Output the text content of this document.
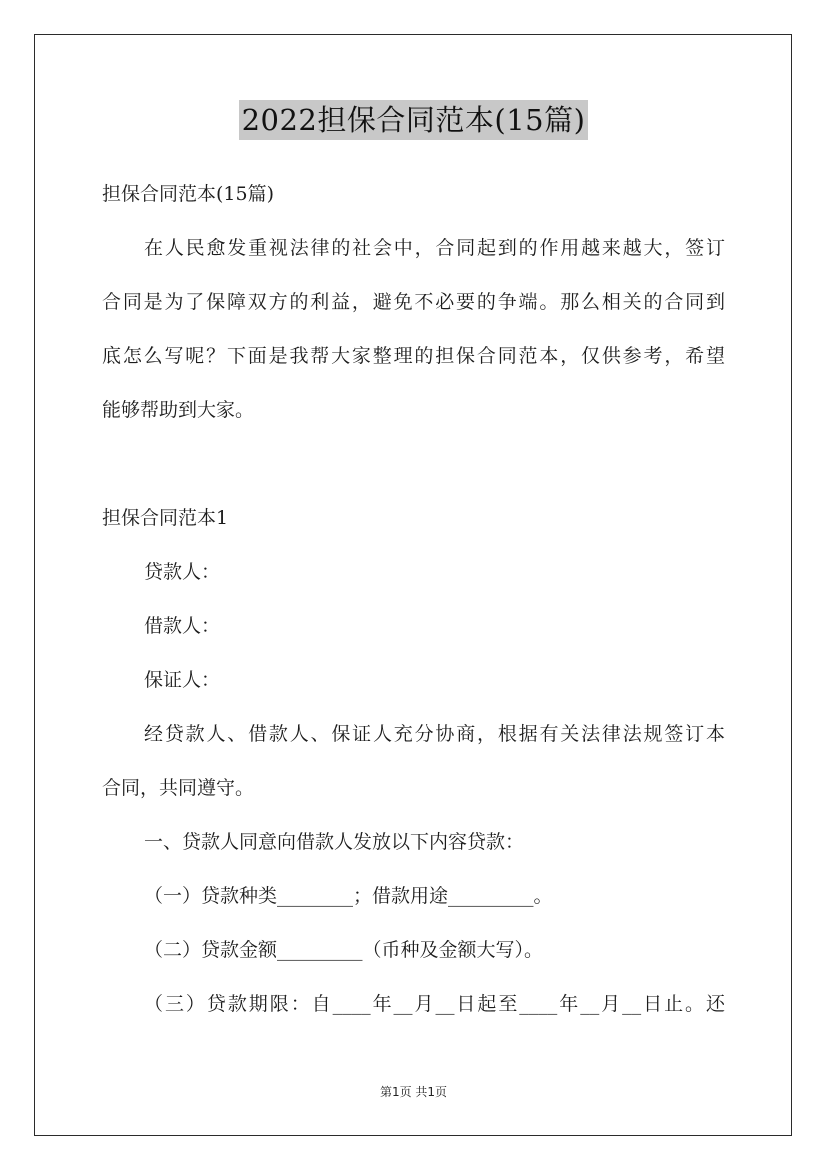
2022担保合同范本(15篇)
担保合同范本(15篇)
在人民愈发重视法律的社会中，合同起到的作用越来越大，签订
合同是为了保障双方的利益，避免不必要的争端。那么相关的合同到
底怎么写呢？下面是我帮大家整理的担保合同范本，仅供参考，希望
能够帮助到大家。
担保合同范本1
贷款人：
借款人：
保证人：
经贷款人、借款人、保证人充分协商，根据有关法律法规签订本
合同，共同遵守。
一、贷款人同意向借款人发放以下内容贷款：
（一）贷款种类________；借款用途_________。
（二）贷款金额_________（币种及金额大写）。
（三）贷款期限：自____年__月__日起至____年__月__日止。还
第1页 共1页
